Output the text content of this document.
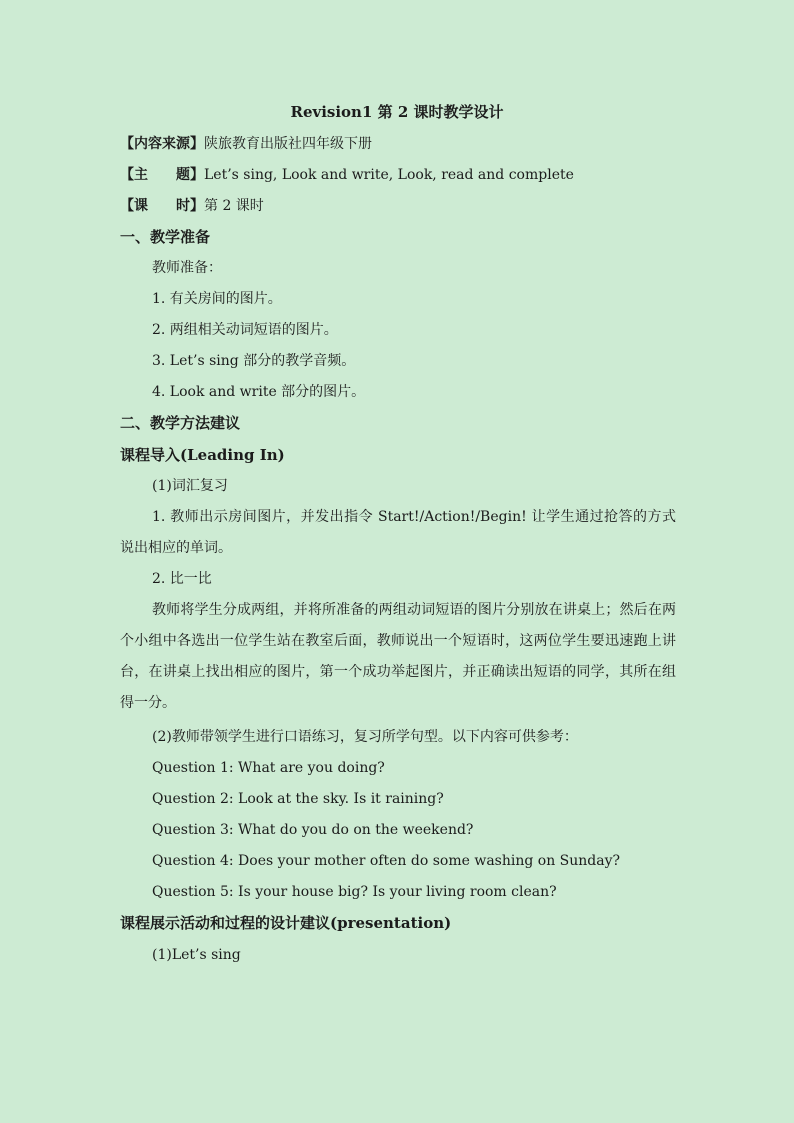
Revision1 第 2 课时教学设计
【内容来源】陕旅教育出版社四年级下册
【主 题】Let’s sing, Look and write, Look, read and complete
【课 时】第 2 课时
一、教学准备
教师准备：
1. 有关房间的图片。
2. 两组相关动词短语的图片。
3. Let’s sing 部分的教学音频。
4. Look and write 部分的图片。
二、教学方法建议
课程导入(Leading In)
(1)词汇复习
1. 教师出示房间图片，并发出指令 Start!/Action!/Begin! 让学生通过抢答的方式说出相应的单词。
2. 比一比
教师将学生分成两组，并将所准备的两组动词短语的图片分别放在讲桌上；然后在两个小组中各选出一位学生站在教室后面，教师说出一个短语时，这两位学生要迅速跑上讲台，在讲桌上找出相应的图片，第一个成功举起图片，并正确读出短语的同学，其所在组得一分。
(2)教师带领学生进行口语练习，复习所学句型。以下内容可供参考：
Question 1: What are you doing?
Question 2: Look at the sky. Is it raining?
Question 3: What do you do on the weekend?
Question 4: Does your mother often do some washing on Sunday?
Question 5: Is your house big? Is your living room clean?
课程展示活动和过程的设计建议(presentation)
(1)Let’s sing
